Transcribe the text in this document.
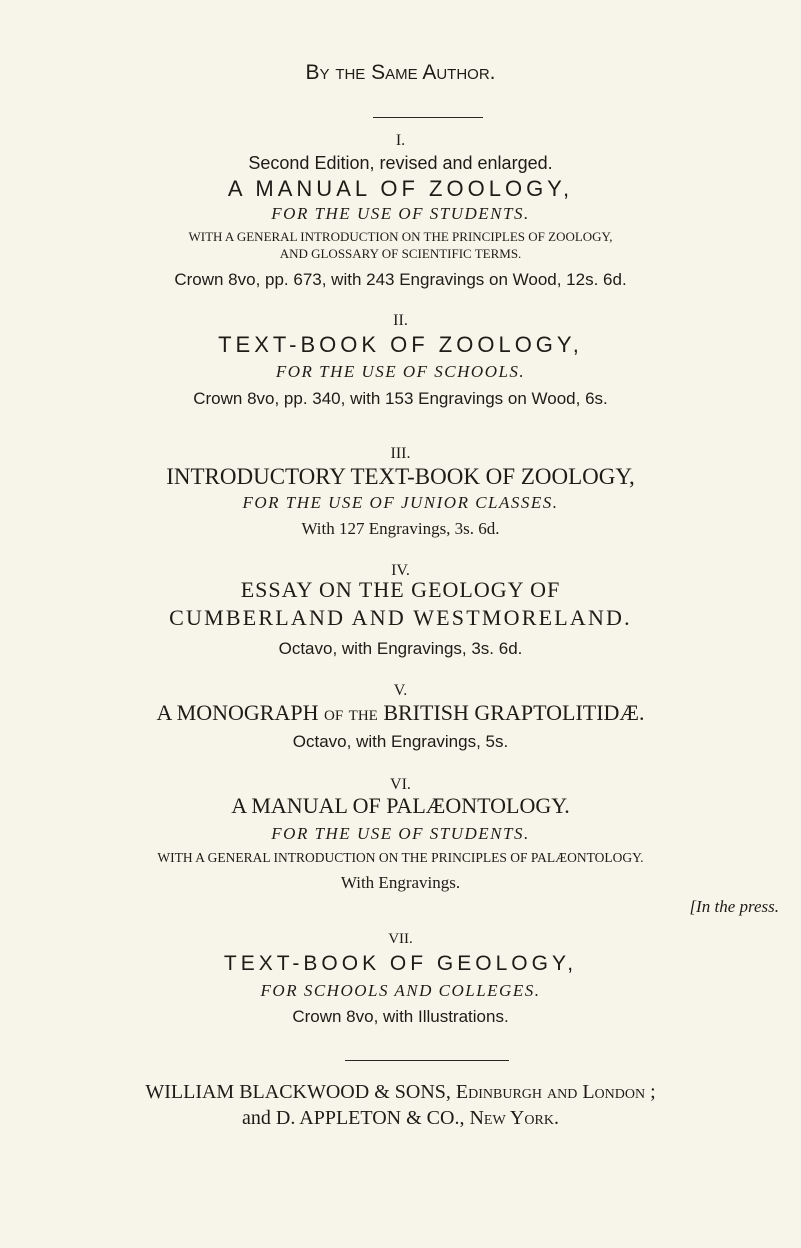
By the Same Author.
I.
Second Edition, revised and enlarged.
A MANUAL OF ZOOLOGY,
FOR THE USE OF STUDENTS.
WITH A GENERAL INTRODUCTION ON THE PRINCIPLES OF ZOOLOGY,
AND GLOSSARY OF SCIENTIFIC TERMS.
Crown 8vo, pp. 673, with 243 Engravings on Wood, 12s. 6d.
II.
TEXT-BOOK OF ZOOLOGY,
FOR THE USE OF SCHOOLS.
Crown 8vo, pp. 340, with 153 Engravings on Wood, 6s.
III.
INTRODUCTORY TEXT-BOOK OF ZOOLOGY,
FOR THE USE OF JUNIOR CLASSES.
With 127 Engravings, 3s. 6d.
IV.
ESSAY ON THE GEOLOGY OF
CUMBERLAND AND WESTMORELAND.
Octavo, with Engravings, 3s. 6d.
V.
A MONOGRAPH of the BRITISH GRAPTOLITIDÆ.
Octavo, with Engravings, 5s.
VI.
A MANUAL OF PALÆONTOLOGY.
FOR THE USE OF STUDENTS.
WITH A GENERAL INTRODUCTION ON THE PRINCIPLES OF PALÆONTOLOGY.
With Engravings.
[In the press.
VII.
TEXT-BOOK OF GEOLOGY,
FOR SCHOOLS AND COLLEGES.
Crown 8vo, with Illustrations.
WILLIAM BLACKWOOD & SONS, Edinburgh and London ;
and D. APPLETON & CO., New York.
